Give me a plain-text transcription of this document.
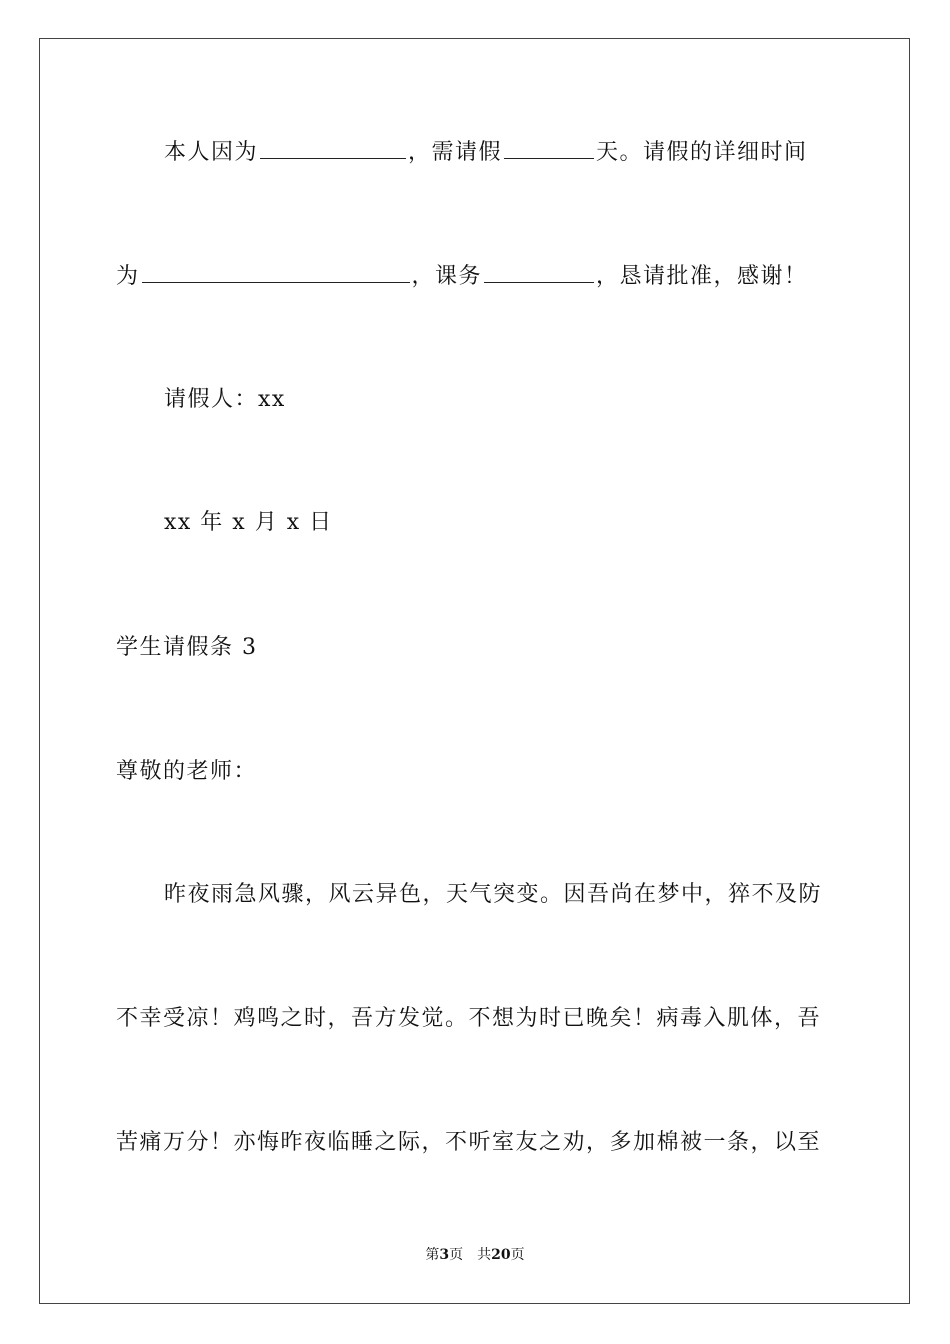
本人因为	，需请假	天。请假的详细时间
为	，课务	，恳请批准，感谢！
请假人：xx
xx 年 x 月 x 日
学生请假条 3
尊敬的老师：
昨夜雨急风骤，风云异色，天气突变。因吾尚在梦中，猝不及防
不幸受凉！鸡鸣之时，吾方发觉。不想为时已晚矣！病毒入肌体，吾
苦痛万分！亦悔昨夜临睡之际，不听室友之劝，多加棉被一条，以至
第3页 共20页
